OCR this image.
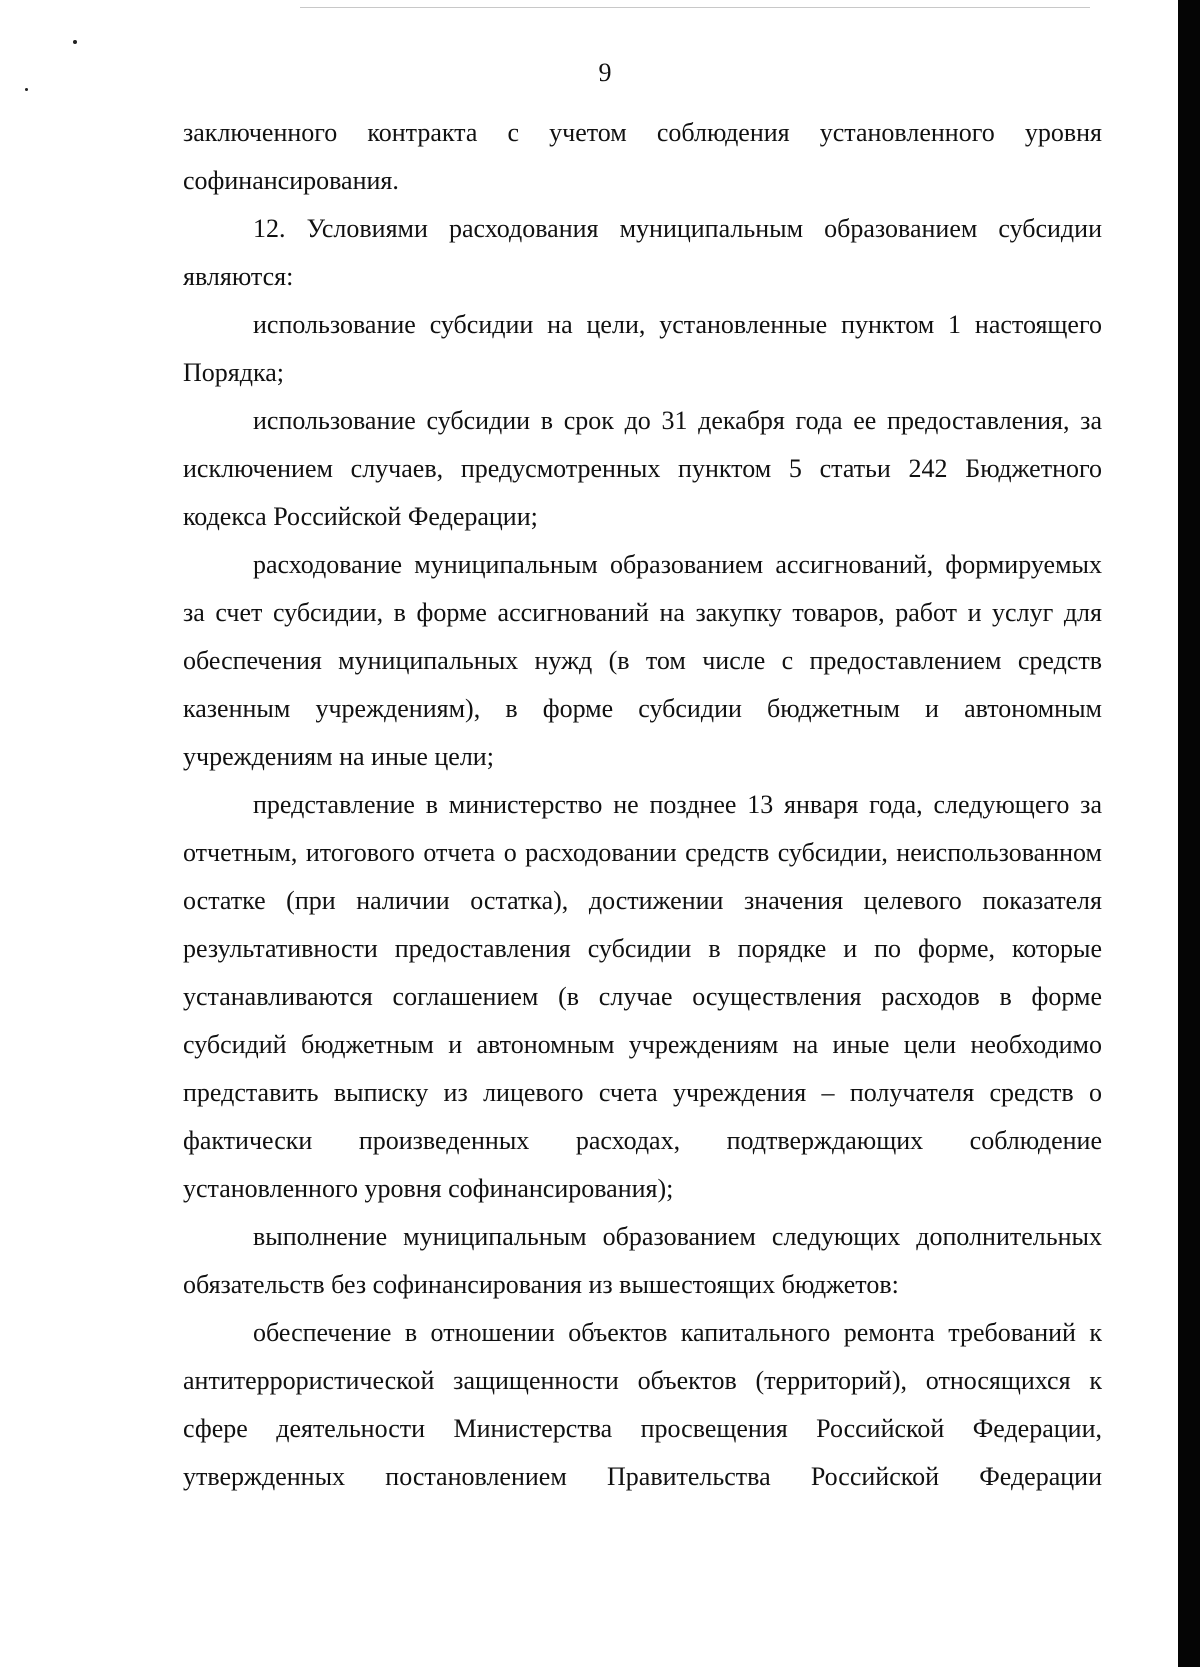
9

заключенного контракта с учетом соблюдения установленного уровня софинансирования.

12. Условиями расходования муниципальным образованием субсидии являются:

использование субсидии на цели, установленные пунктом 1 настоящего Порядка;

использование субсидии в срок до 31 декабря года ее предоставления, за исключением случаев, предусмотренных пунктом 5 статьи 242 Бюджетного кодекса Российской Федерации;

расходование муниципальным образованием ассигнований, формируемых за счет субсидии, в форме ассигнований на закупку товаров, работ и услуг для обеспечения муниципальных нужд (в том числе с предоставлением средств казенным учреждениям), в форме субсидии бюджетным и автономным учреждениям на иные цели;

представление в министерство не позднее 13 января года, следующего за отчетным, итогового отчета о расходовании средств субсидии, неиспользованном остатке (при наличии остатка), достижении значения целевого показателя результативности предоставления субсидии в порядке и по форме, которые устанавливаются соглашением (в случае осуществления расходов в форме субсидий бюджетным и автономным учреждениям на иные цели необходимо представить выписку из лицевого счета учреждения – получателя средств о фактически произведенных расходах, подтверждающих соблюдение установленного уровня софинансирования);

выполнение муниципальным образованием следующих дополнительных обязательств без софинансирования из вышестоящих бюджетов:

обеспечение в отношении объектов капитального ремонта требований к антитеррористической защищенности объектов (территорий), относящихся к сфере деятельности Министерства просвещения Российской Федерации, утвержденных постановлением Правительства Российской Федерации
